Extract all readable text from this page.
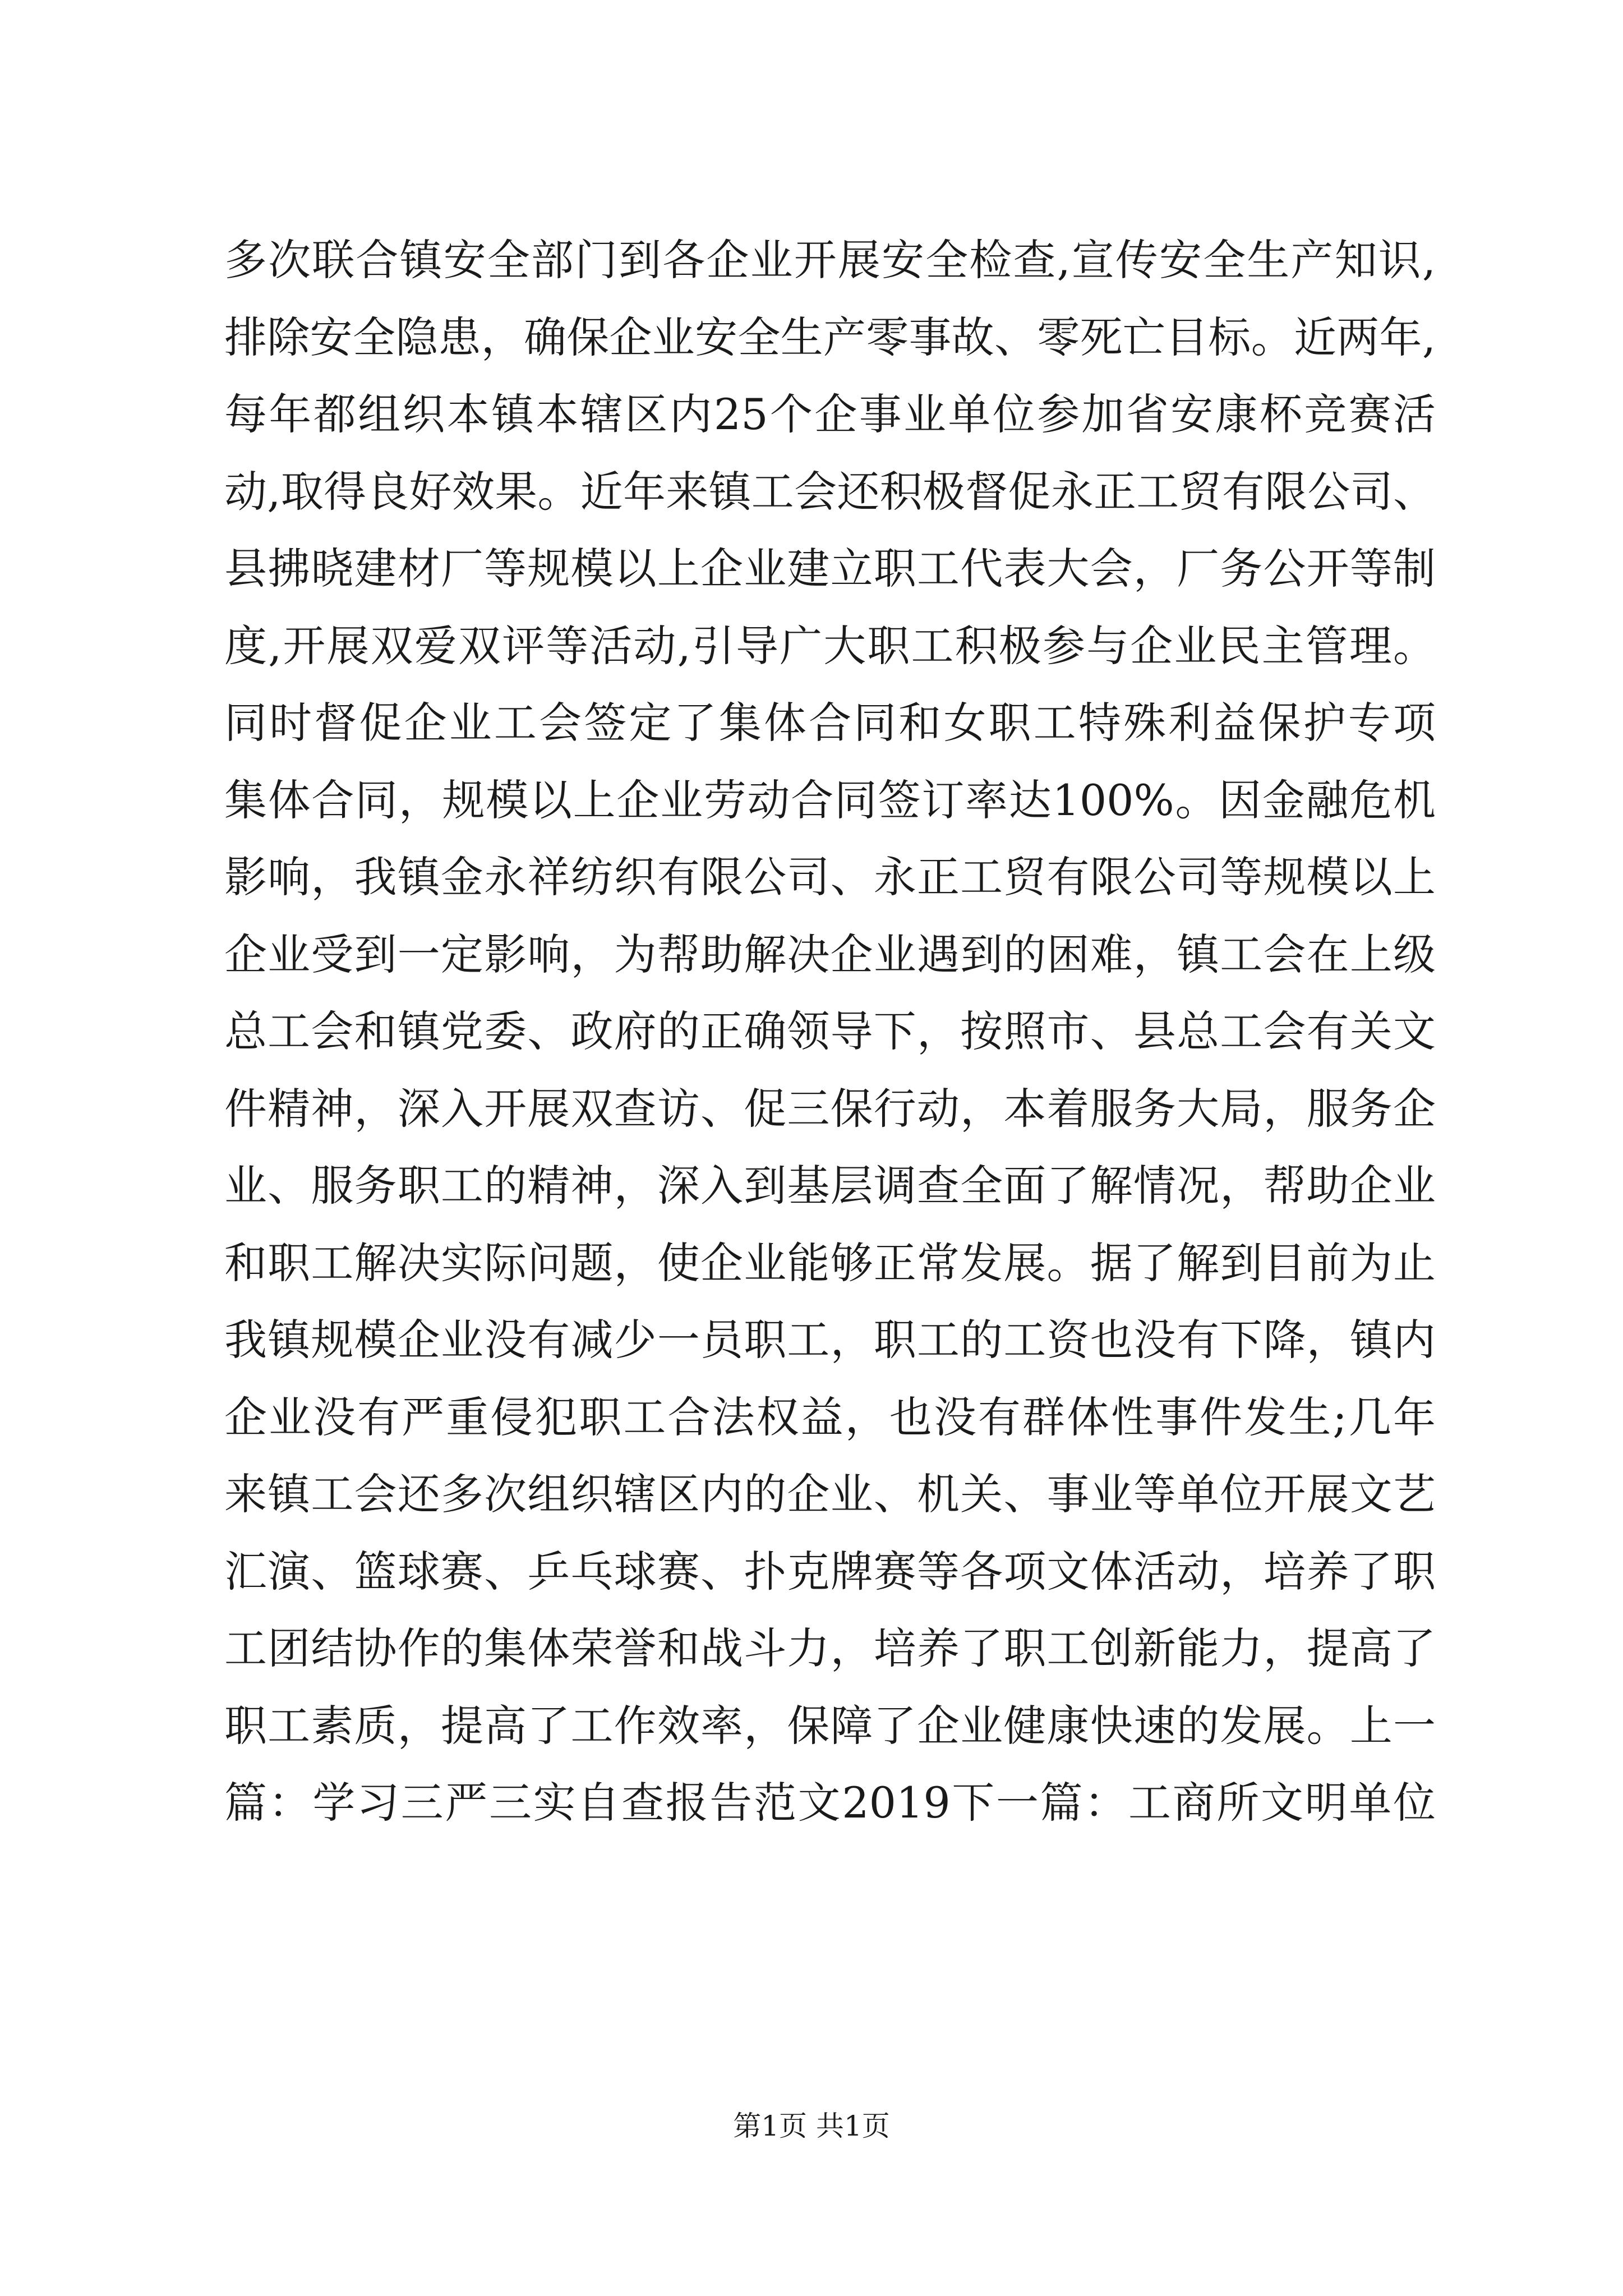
多次联合镇安全部门到各企业开展安全检查,宣传安全生产知识,
排除安全隐患，确保企业安全生产零事故、零死亡目标。近两年,
每年都组织本镇本辖区内25个企事业单位参加省安康杯竞赛活
动,取得良好效果。近年来镇工会还积极督促永正工贸有限公司、
县拂晓建材厂等规模以上企业建立职工代表大会，厂务公开等制
度,开展双爱双评等活动,引导广大职工积极参与企业民主管理。
同时督促企业工会签定了集体合同和女职工特殊利益保护专项
集体合同，规模以上企业劳动合同签订率达100%。因金融危机
影响，我镇金永祥纺织有限公司、永正工贸有限公司等规模以上
企业受到一定影响，为帮助解决企业遇到的困难，镇工会在上级
总工会和镇党委、政府的正确领导下，按照市、县总工会有关文
件精神，深入开展双查访、促三保行动，本着服务大局，服务企
业、服务职工的精神，深入到基层调查全面了解情况，帮助企业
和职工解决实际问题，使企业能够正常发展。据了解到目前为止
我镇规模企业没有减少一员职工，职工的工资也没有下降，镇内
企业没有严重侵犯职工合法权益，也没有群体性事件发生;几年
来镇工会还多次组织辖区内的企业、机关、事业等单位开展文艺
汇演、篮球赛、乒乓球赛、扑克牌赛等各项文体活动，培养了职
工团结协作的集体荣誉和战斗力，培养了职工创新能力，提高了
职工素质，提高了工作效率，保障了企业健康快速的发展。上一
篇：学习三严三实自查报告范文2019下一篇：工商所文明单位
第1页 共1页
